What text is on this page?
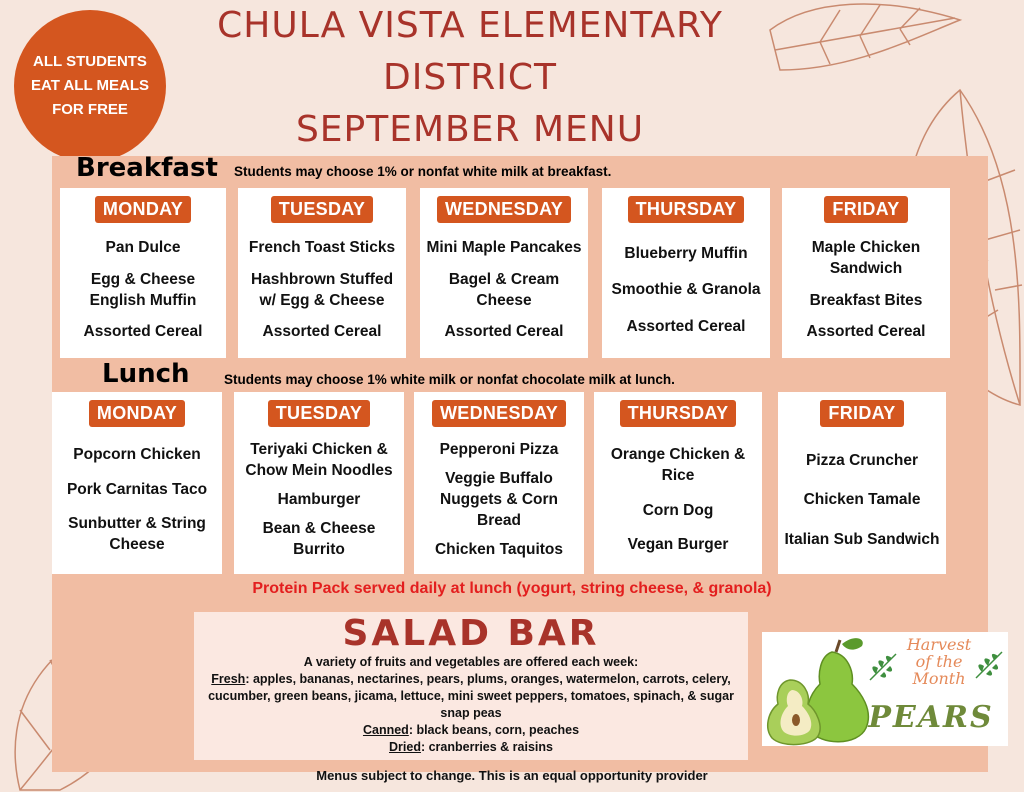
ALL STUDENTS
EAT ALL MEALS
FOR FREE
CHULA VISTA ELEMENTARY
DISTRICT
SEPTEMBER MENU
Breakfast Students may choose 1% or nonfat white milk at breakfast.
MONDAY
Pan Dulce
Egg & Cheese English Muffin
Assorted Cereal
TUESDAY
French Toast Sticks
Hashbrown Stuffed w/ Egg & Cheese
Assorted Cereal
WEDNESDAY
Mini Maple Pancakes
Bagel & Cream Cheese
Assorted Cereal
THURSDAY
Blueberry Muffin
Smoothie & Granola
Assorted Cereal
FRIDAY
Maple Chicken Sandwich
Breakfast Bites
Assorted Cereal
Lunch	Students may choose 1% white milk or nonfat chocolate milk at lunch.
MONDAY
Popcorn Chicken
Pork Carnitas Taco
Sunbutter & String Cheese
TUESDAY
Teriyaki Chicken & Chow Mein Noodles
Hamburger
Bean & Cheese Burrito
WEDNESDAY
Pepperoni Pizza
Veggie Buffalo Nuggets & Corn Bread
Chicken Taquitos
THURSDAY
Orange Chicken & Rice
Corn Dog
Vegan Burger
FRIDAY
Pizza Cruncher
Chicken Tamale
Italian Sub Sandwich
Protein Pack served daily at lunch (yogurt, string cheese, & granola)
SALAD BAR
A variety of fruits and vegetables are offered each week:
Fresh: apples, bananas, nectarines, pears, plums, oranges, watermelon, carrots, celery, cucumber, green beans, jicama, lettuce, mini sweet peppers, tomatoes, spinach, & sugar snap peas
Canned: black beans, corn, peaches
Dried: cranberries & raisins
Harvest
of the
Month
PEARS
Menus subject to change. This is an equal opportunity provider
